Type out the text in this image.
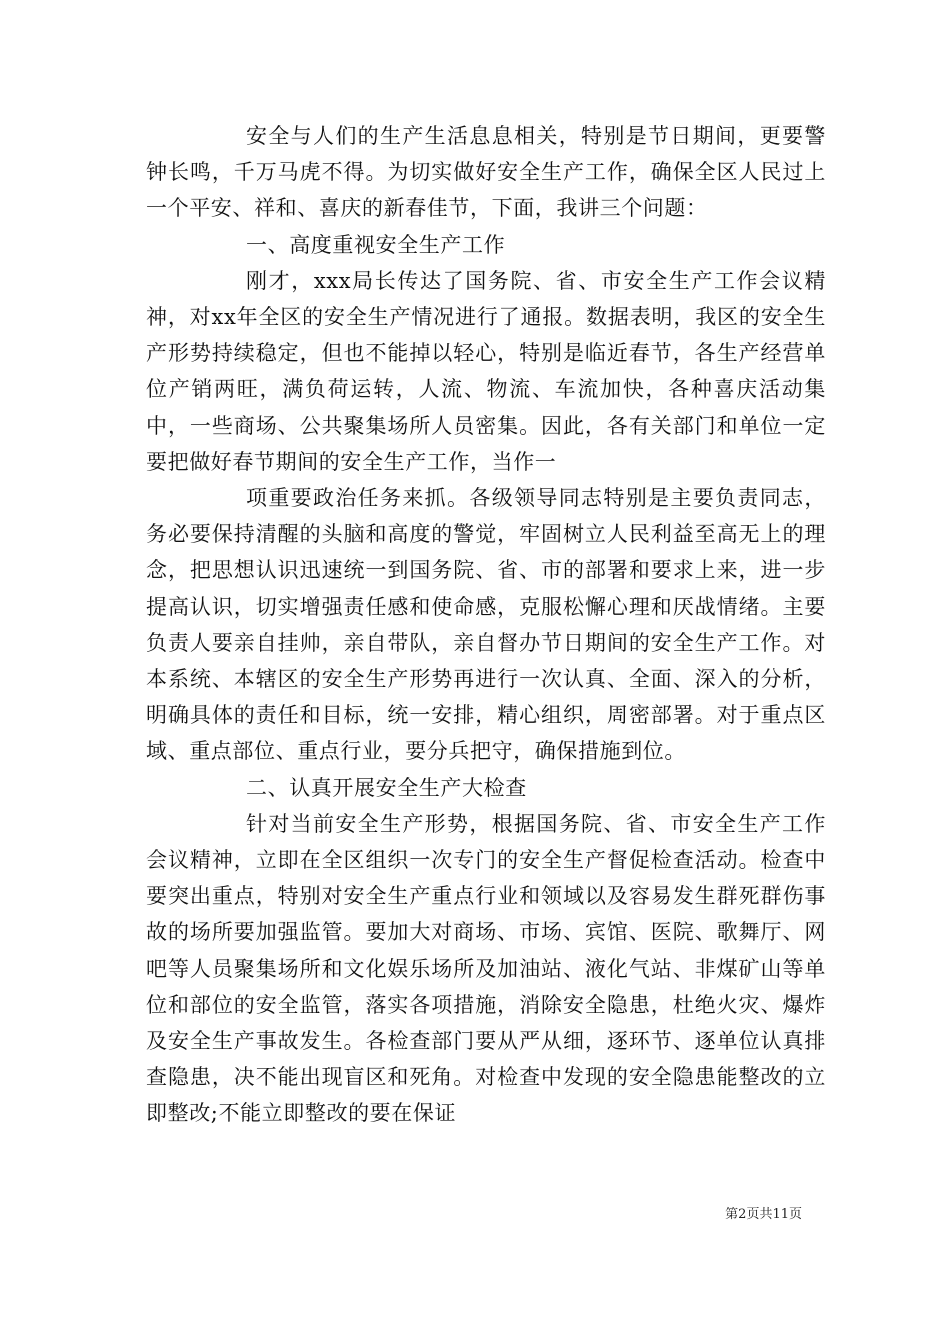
安全与人们的生产生活息息相关，特别是节日期间，更要警钟长鸣，千万马虎不得。为切实做好安全生产工作，确保全区人民过上一个平安、祥和、喜庆的新春佳节，下面，我讲三个问题：

一、高度重视安全生产工作

刚才，xxx局长传达了国务院、省、市安全生产工作会议精神，对xx年全区的安全生产情况进行了通报。数据表明，我区的安全生产形势持续稳定，但也不能掉以轻心，特别是临近春节，各生产经营单位产销两旺，满负荷运转，人流、物流、车流加快，各种喜庆活动集中，一些商场、公共聚集场所人员密集。因此，各有关部门和单位一定要把做好春节期间的安全生产工作，当作一

项重要政治任务来抓。各级领导同志特别是主要负责同志，务必要保持清醒的头脑和高度的警觉，牢固树立人民利益至高无上的理念，把思想认识迅速统一到国务院、省、市的部署和要求上来，进一步提高认识，切实增强责任感和使命感，克服松懈心理和厌战情绪。主要负责人要亲自挂帅，亲自带队，亲自督办节日期间的安全生产工作。对本系统、本辖区的安全生产形势再进行一次认真、全面、深入的分析，明确具体的责任和目标，统一安排，精心组织，周密部署。对于重点区域、重点部位、重点行业，要分兵把守，确保措施到位。

二、认真开展安全生产大检查

针对当前安全生产形势，根据国务院、省、市安全生产工作会议精神，立即在全区组织一次专门的安全生产督促检查活动。检查中要突出重点，特别对安全生产重点行业和领域以及容易发生群死群伤事故的场所要加强监管。要加大对商场、市场、宾馆、医院、歌舞厅、网吧等人员聚集场所和文化娱乐场所及加油站、液化气站、非煤矿山等单位和部位的安全监管，落实各项措施，消除安全隐患，杜绝火灾、爆炸及安全生产事故发生。各检查部门要从严从细，逐环节、逐单位认真排查隐患，决不能出现盲区和死角。对检查中发现的安全隐患能整改的立即整改;不能立即整改的要在保证

第2页共11页
